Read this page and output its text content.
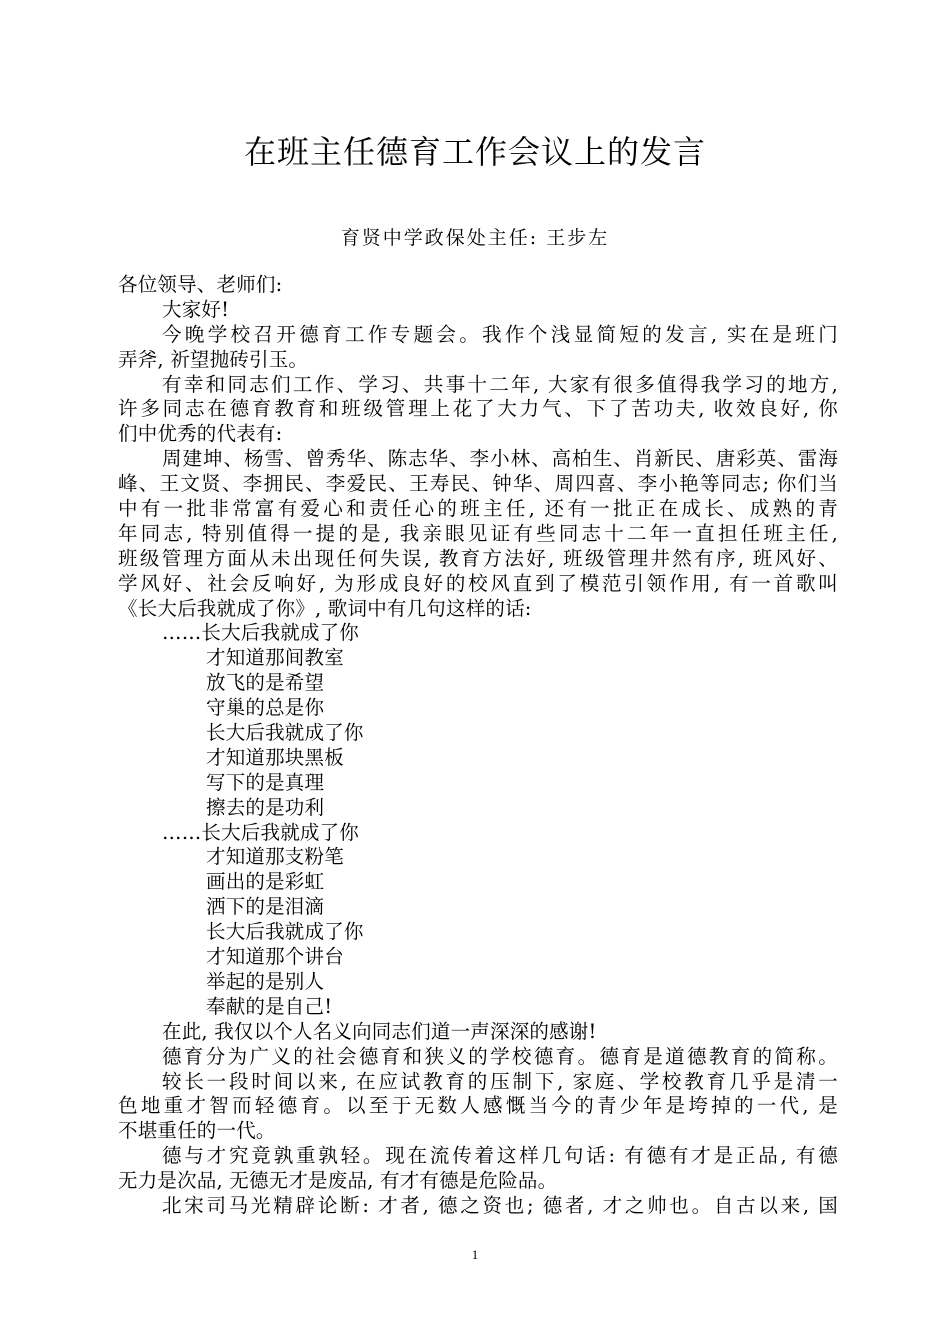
在班主任德育工作会议上的发言

育贤中学政保处主任: 王步左

各位领导、老师们:
大家好!
今晚学校召开德育工作专题会。我作个浅显简短的发言, 实在是班门
弄斧, 祈望抛砖引玉。
有幸和同志们工作、学习、共事十二年, 大家有很多值得我学习的地方,
许多同志在德育教育和班级管理上花了大力气、下了苦功夫, 收效良好, 你
们中优秀的代表有:
周建坤、杨雪、曾秀华、陈志华、李小林、高柏生、肖新民、唐彩英、雷海
峰、王文贤、李拥民、李爱民、王寿民、钟华、周四喜、李小艳等同志; 你们当
中有一批非常富有爱心和责任心的班主任, 还有一批正在成长、成熟的青
年同志, 特别值得一提的是, 我亲眼见证有些同志十二年一直担任班主任,
班级管理方面从未出现任何失误, 教育方法好, 班级管理井然有序, 班风好、
学风好、社会反响好, 为形成良好的校风直到了模范引领作用, 有一首歌叫
《长大后我就成了你》, 歌词中有几句这样的话:
……长大后我就成了你
才知道那间教室
放飞的是希望
守巢的总是你
长大后我就成了你
才知道那块黑板
写下的是真理
擦去的是功利
……长大后我就成了你
才知道那支粉笔
画出的是彩虹
洒下的是泪滴
长大后我就成了你
才知道那个讲台
举起的是别人
奉献的是自己!
在此, 我仅以个人名义向同志们道一声深深的感谢!
德育分为广义的社会德育和狭义的学校德育。德育是道德教育的简称。
较长一段时间以来, 在应试教育的压制下, 家庭、学校教育几乎是清一
色地重才智而轻德育。以至于无数人感慨当今的青少年是垮掉的一代, 是
不堪重任的一代。
德与才究竟孰重孰轻。现在流传着这样几句话: 有德有才是正品, 有德
无力是次品, 无德无才是废品, 有才有德是危险品。
北宋司马光精辟论断: 才者, 德之资也; 德者, 才之帅也。自古以来, 国
1
